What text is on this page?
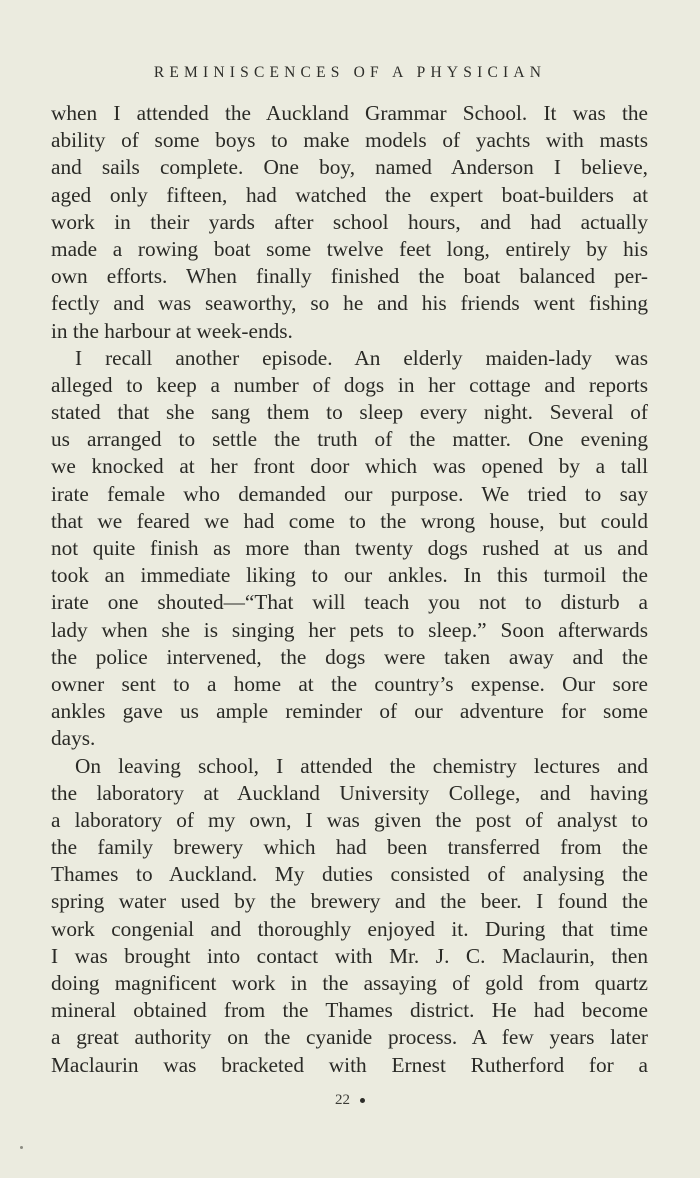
REMINISCENCES OF A PHYSICIAN
when I attended the Auckland Grammar School. It was the
ability of some boys to make models of yachts with masts
and sails complete. One boy, named Anderson I believe,
aged only fifteen, had watched the expert boat-builders at
work in their yards after school hours, and had actually
made a rowing boat some twelve feet long, entirely by his
own efforts. When finally finished the boat balanced per-
fectly and was seaworthy, so he and his friends went fishing
in the harbour at week-ends.
I recall another episode. An elderly maiden-lady was
alleged to keep a number of dogs in her cottage and reports
stated that she sang them to sleep every night. Several of
us arranged to settle the truth of the matter. One evening
we knocked at her front door which was opened by a tall
irate female who demanded our purpose. We tried to say
that we feared we had come to the wrong house, but could
not quite finish as more than twenty dogs rushed at us and
took an immediate liking to our ankles. In this turmoil the
irate one shouted—“That will teach you not to disturb a
lady when she is singing her pets to sleep.” Soon afterwards
the police intervened, the dogs were taken away and the
owner sent to a home at the country’s expense. Our sore
ankles gave us ample reminder of our adventure for some
days.
On leaving school, I attended the chemistry lectures and
the laboratory at Auckland University College, and having
a laboratory of my own, I was given the post of analyst to
the family brewery which had been transferred from the
Thames to Auckland. My duties consisted of analysing the
spring water used by the brewery and the beer. I found the
work congenial and thoroughly enjoyed it. During that time
I was brought into contact with Mr. J. C. Maclaurin, then
doing magnificent work in the assaying of gold from quartz
mineral obtained from the Thames district. He had become
a great authority on the cyanide process. A few years later
Maclaurin was bracketed with Ernest Rutherford for a
22
